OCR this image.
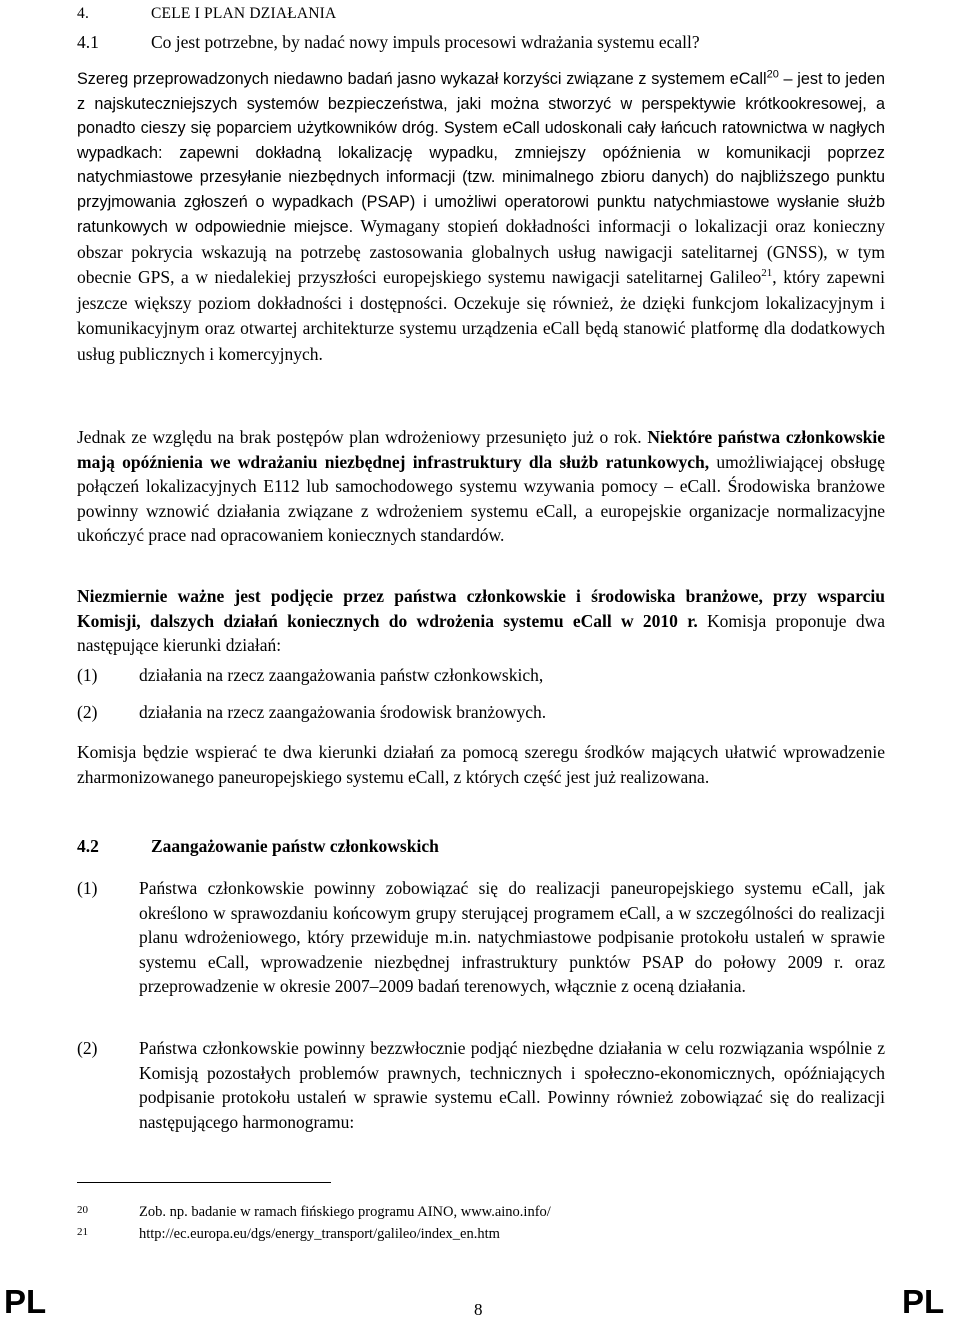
4.	CELE I PLAN DZIAŁANIA
4.1	Co jest potrzebne, by nadać nowy impuls procesowi wdrażania systemu ecall?
Szereg przeprowadzonych niedawno badań jasno wykazał korzyści związane z systemem eCall$^{20}$ – jest to jeden z najskuteczniejszych systemów bezpieczeństwa, jaki można stworzyć w perspektywie krótkookresowej, a ponadto cieszy się poparciem użytkowników dróg. System eCall udoskonali cały łańcuch ratownictwa w nagłych wypadkach: zapewni dokładną lokalizację wypadku, zmniejszy opóźnienia w komunikacji poprzez natychmiastowe przesyłanie niezbędnych informacji (tzw. minimalnego zbioru danych) do najbliższego punktu przyjmowania zgłoszeń o wypadkach (PSAP) i umożliwi operatorowi punktu natychmiastowe wysłanie służb ratunkowych w odpowiednie miejsce. Wymagany stopień dokładności informacji o lokalizacji oraz konieczny obszar pokrycia wskazują na potrzebę zastosowania globalnych usług nawigacji satelitarnej (GNSS), w tym obecnie GPS, a w niedalekiej przyszłości europejskiego systemu nawigacji satelitarnej Galileo$^{21}$, który zapewni jeszcze większy poziom dokładności i dostępności. Oczekuje się również, że dzięki funkcjom lokalizacyjnym i komunikacyjnym oraz otwartej architekturze systemu urządzenia eCall będą stanowić platformę dla dodatkowych usług publicznych i komercyjnych.
Jednak ze względu na brak postępów plan wdrożeniowy przesunięto już o rok. Niektóre państwa członkowskie mają opóźnienia we wdrażaniu niezbędnej infrastruktury dla służb ratunkowych, umożliwiającej obsługę połączeń lokalizacyjnych E112 lub samochodowego systemu wzywania pomocy – eCall. Środowiska branżowe powinny wznowić działania związane z wdrożeniem systemu eCall, a europejskie organizacje normalizacyjne ukończyć prace nad opracowaniem koniecznych standardów.
Niezmiernie ważne jest podjęcie przez państwa członkowskie i środowiska branżowe, przy wsparciu Komisji, dalszych działań koniecznych do wdrożenia systemu eCall w 2010 r. Komisja proponuje dwa następujące kierunki działań:
(1) działania na rzecz zaangażowania państw członkowskich,
(2) działania na rzecz zaangażowania środowisk branżowych.
Komisja będzie wspierać te dwa kierunki działań za pomocą szeregu środków mających ułatwić wprowadzenie zharmonizowanego paneuropejskiego systemu eCall, z których część jest już realizowana.
4.2	Zaangażowanie państw członkowskich
(1) Państwa członkowskie powinny zobowiązać się do realizacji paneuropejskiego systemu eCall, jak określono w sprawozdaniu końcowym grupy sterującej programem eCall, a w szczególności do realizacji planu wdrożeniowego, który przewiduje m.in. natychmiastowe podpisanie protokołu ustaleń w sprawie systemu eCall, wprowadzenie niezbędnej infrastruktury punktów PSAP do połowy 2009 r. oraz przeprowadzenie w okresie 2007–2009 badań terenowych, włącznie z oceną działania.
(2) Państwa członkowskie powinny bezzwłocznie podjąć niezbędne działania w celu rozwiązania wspólnie z Komisją pozostałych problemów prawnych, technicznych i społeczno-ekonomicznych, opóźniających podpisanie protokołu ustaleń w sprawie systemu eCall. Powinny również zobowiązać się do realizacji następującego harmonogramu:
20	Zob. np. badanie w ramach fińskiego programu AINO, www.aino.info/
21	http://ec.europa.eu/dgs/energy_transport/galileo/index_en.htm
PL	8	PL
